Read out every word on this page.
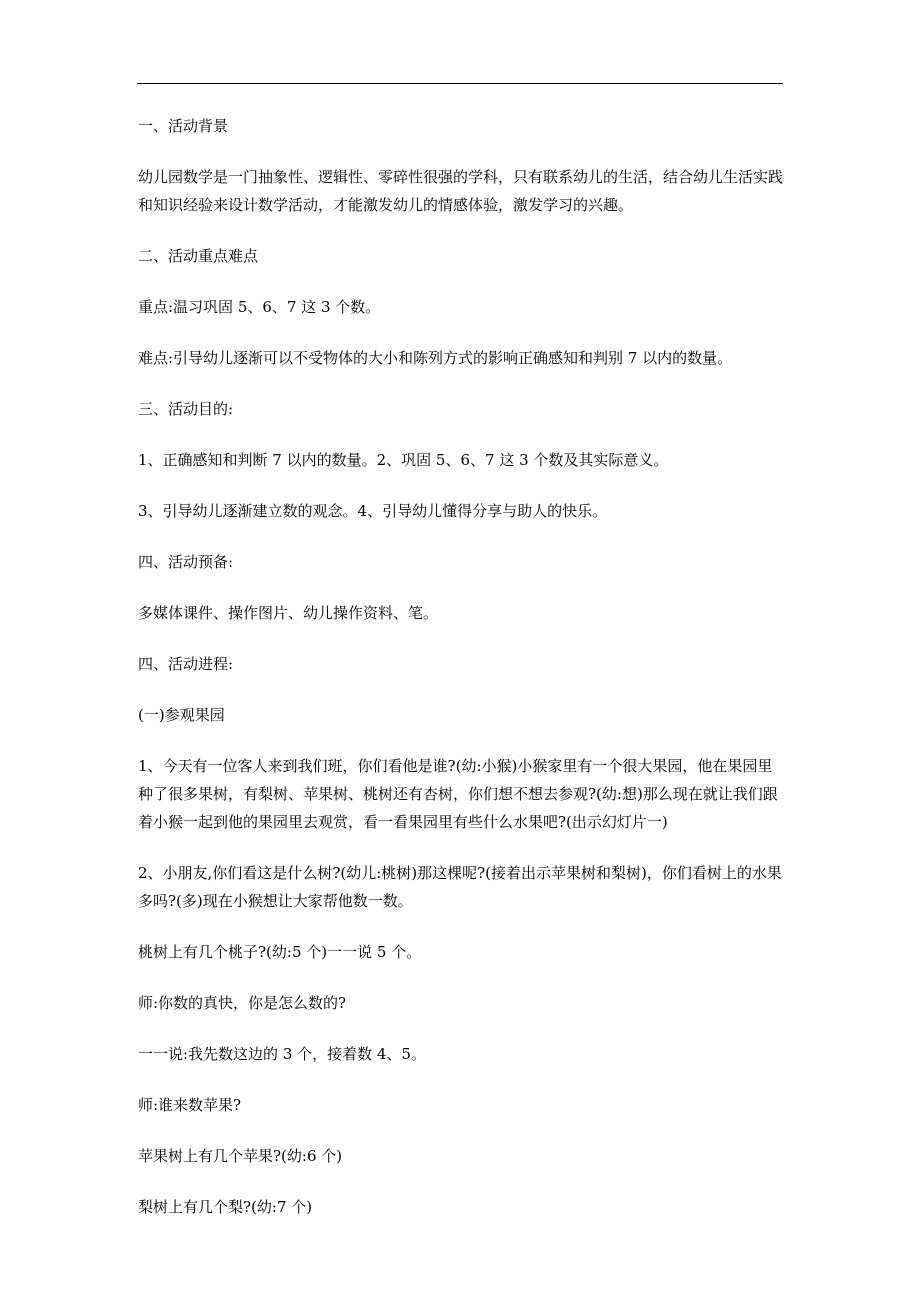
一、活动背景

幼儿园数学是一门抽象性、逻辑性、零碎性很强的学科，只有联系幼儿的生活，结合幼儿生活实践和知识经验来设计数学活动，才能激发幼儿的情感体验，激发学习的兴趣。

二、活动重点难点

重点:温习巩固 5、6、7 这 3 个数。

难点:引导幼儿逐渐可以不受物体的大小和陈列方式的影响正确感知和判别 7 以内的数量。

三、活动目的:

1、正确感知和判断 7 以内的数量。2、巩固 5、6、7 这 3 个数及其实际意义。

3、引导幼儿逐渐建立数的观念。4、引导幼儿懂得分享与助人的快乐。

四、活动预备:

多媒体课件、操作图片、幼儿操作资料、笔。

四、活动进程:

(一)参观果园

1、今天有一位客人来到我们班，你们看他是谁?(幼:小猴)小猴家里有一个很大果园，他在果园里种了很多果树，有梨树、苹果树、桃树还有杏树，你们想不想去参观?(幼:想)那么现在就让我们跟着小猴一起到他的果园里去观赏，看一看果园里有些什么水果吧?(出示幻灯片一)

2、小朋友,你们看这是什么树?(幼儿:桃树)那这棵呢?(接着出示苹果树和梨树)，你们看树上的水果多吗?(多)现在小猴想让大家帮他数一数。

桃树上有几个桃子?(幼:5 个)一一说 5 个。

师:你数的真快，你是怎么数的?

一一说:我先数这边的 3 个，接着数 4、5。

师:谁来数苹果?

苹果树上有几个苹果?(幼:6 个)

梨树上有几个梨?(幼:7 个)
